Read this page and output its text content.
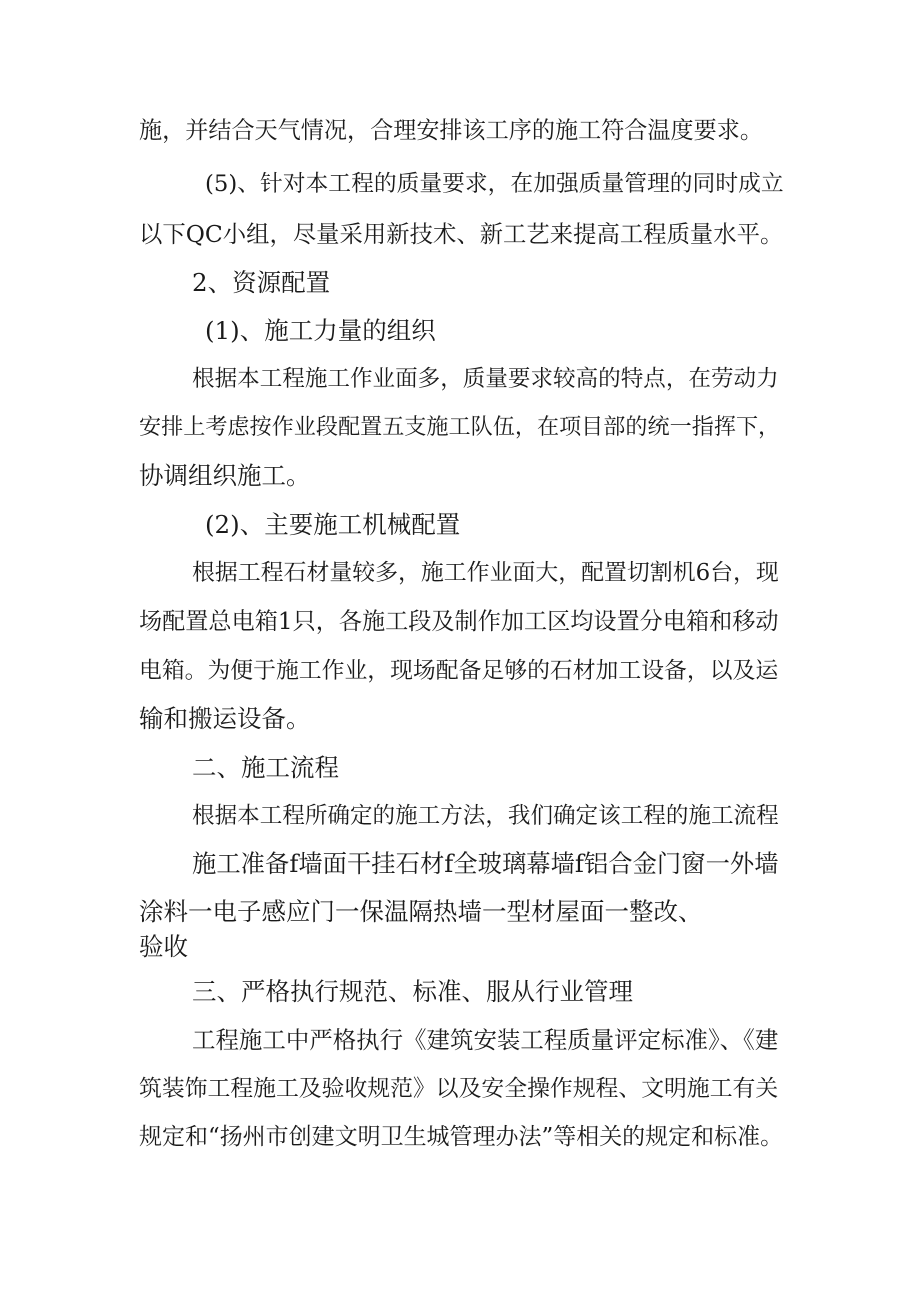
施，并结合天气情况，合理安排该工序的施工符合温度要求。

(5)、针对本工程的质量要求，在加强质量管理的同时成立

以下QC小组，尽量采用新技术、新工艺来提高工程质量水平。

2、资源配置

(1)、施工力量的组织

根据本工程施工作业面多，质量要求较高的特点，在劳动力

安排上考虑按作业段配置五支施工队伍，在项目部的统一指挥下，

协调组织施工。

(2)、主要施工机械配置

根据工程石材量较多，施工作业面大，配置切割机6台，现

场配置总电箱1只，各施工段及制作加工区均设置分电箱和移动

电箱。为便于施工作业，现场配备足够的石材加工设备，以及运

输和搬运设备。

二、施工流程

根据本工程所确定的施工方法，我们确定该工程的施工流程

施工准备f墙面干挂石材f全玻璃幕墙f铝合金门窗一外墙

涂料一电子感应门一保温隔热墙一型材屋面一整改、

验收

三、严格执行规范、标准、服从行业管理

工程施工中严格执行《建筑安装工程质量评定标准》、《建

筑装饰工程施工及验收规范》以及安全操作规程、文明施工有关

规定和“扬州市创建文明卫生城管理办法”等相关的规定和标准。
